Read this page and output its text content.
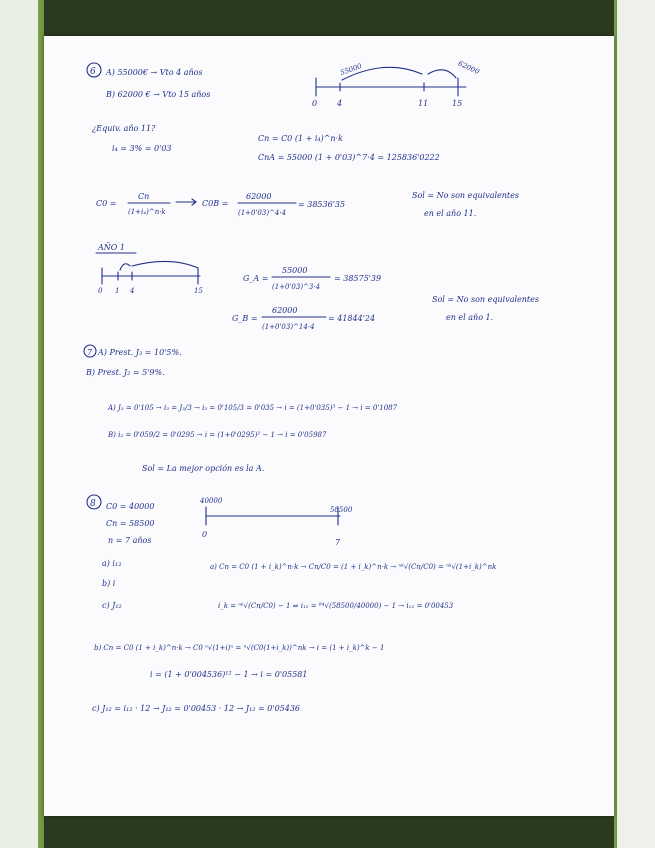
6 A) 55000€ → Vto 4 años
B) 62000 € → Vto 15 años
0 4	11	15
55000	62000
¿Equiv. año 11?
i₄ = 3% = 0'03
Cn = C0 (1 + i₄)^n·k
CnA = 55000 (1 + 0'03)^7·4 = 125836'0222
C0 =
Cn
(1+i₄)^n·k
C0B =
62000
(1+0'03)^4·4
= 38536'35
Sol = No son equivalentes
en el año 11.
AÑO 1
0 1 4	15
G_A =
55000
(1+0'03)^3·4
= 38575'39
G_B =
62000
(1+0'03)^14·4
= 41844'24
Sol = No son equivalentes
en el año 1.
7 A) Prest. J₃ = 10'5%.
B) Prest. J₂ = 5'9%.
A) J₃ = 0'105 → i₃ = J₃/3 → i₃ = 0'105/3 = 0'035 → i = (1+0'035)³ − 1 → i = 0'1087
B) i₂ = 0'059/2 = 0'0295 → i = (1+0'0295)² − 1 → i = 0'05987
Sol = La mejor opción es la A.
8 C0 = 40000
Cn = 58500
n = 7 años
40000
58500
0
7
a) i₁₂
b) i
c) J₁₂
a) Cn = C0 (1 + i_k)^n·k → Cn/C0 = (1 + i_k)^n·k → ⁿᵏ√(Cn/C0) = ⁿᵏ√(1+i_k)^nk
i_k = ⁿᵏ√(Cn/C0) − 1 ⇒ i₁₂ = ⁸⁴√(58500/40000) − 1 → i₁₂ = 0'00453
b) Cn = C0 (1 + i_k)^n·k → C0 ⁿ√(1+i)ⁿ = ⁿ√(C0(1+i_k))^nk → i = (1 + i_k)^k − 1
i = (1 + 0'004536)¹² − 1 → i = 0'05581
c) J₁₂ = i₁₂ · 12 → J₁₂ = 0'00453 · 12 → J₁₂ = 0'05436
